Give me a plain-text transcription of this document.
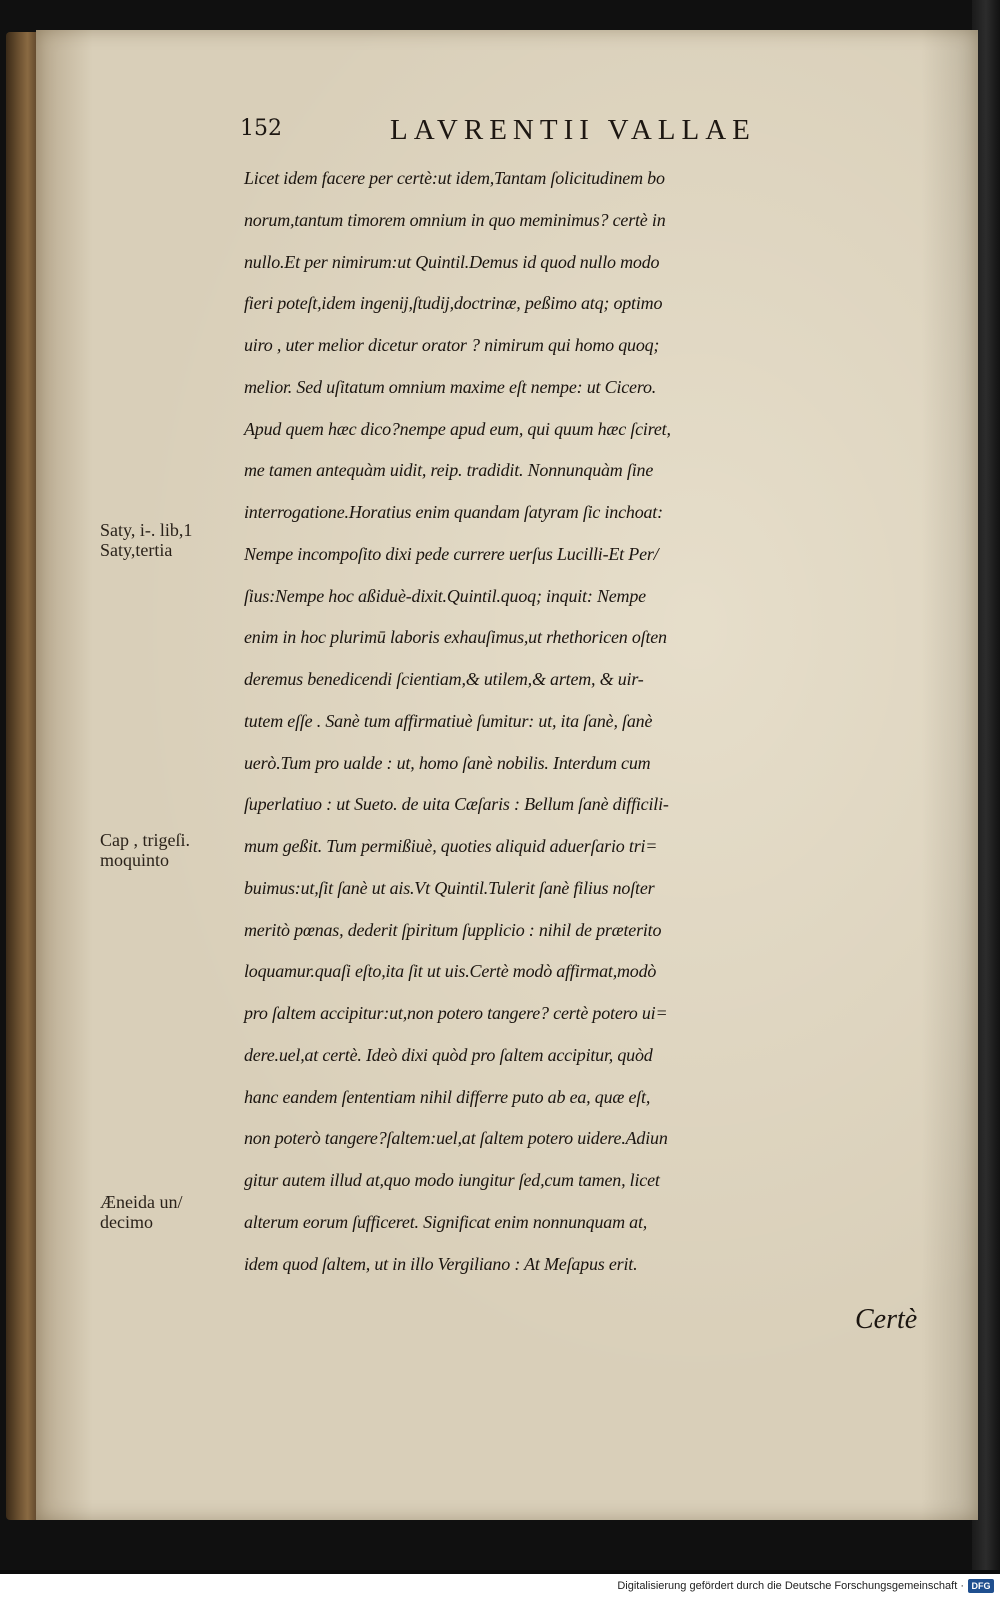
152	LAVRENTII VALLAE
Licet idem facere per certè:ut idem,Tantam ſolicitudinem bo
norum,tantum timorem omnium in quo meminimus? certè in
nullo.Et per nimirum:ut Quintil.Demus id quod nullo modo
fieri poteſt,idem ingenij,ſtudij,doctrinæ, peßimo atq; optimo
uiro , uter melior dicetur orator ? nimirum qui homo quoq;
melior. Sed uſitatum omnium maxime eſt nempe: ut Cicero.
Apud quem hæc dico?nempe apud eum, qui quum hæc ſciret,
me tamen antequàm uidit, reip. tradidit. Nonnunquàm ſine
interrogatione.Horatius enim quandam ſatyram ſic inchoat:
Nempe incompoſito dixi pede currere uerſus Lucilli-Et Per/
ſius:Nempe hoc aßiduè-dixit.Quintil.quoq; inquit: Nempe
enim in hoc plurimū laboris exhauſimus,ut rhethoricen oſten
deremus benedicendi ſcientiam,& utilem,& artem, & uir-
tutem eſſe . Sanè tum affirmatiuè ſumitur: ut, ita ſanè, ſanè
uerò.Tum pro ualde : ut, homo ſanè nobilis. Interdum cum
ſuperlatiuo : ut Sueto. de uita Cæſaris : Bellum ſanè difficili-
mum geßit. Tum permißiuè, quoties aliquid aduerſario tri=
buimus:ut,ſit ſanè ut ais.Vt Quintil.Tulerit ſanè filius noſter
meritò pœnas, dederit ſpiritum ſupplicio : nihil de præterito
loquamur.quaſi eſto,ita ſit ut uis.Certè modò affirmat,modò
pro ſaltem accipitur:ut,non potero tangere? certè potero ui=
dere.uel,at certè. Ideò dixi quòd pro ſaltem accipitur, quòd
hanc eandem ſententiam nihil differre puto ab ea, quæ eſt,
non poterò tangere?ſaltem:uel,at ſaltem potero uidere.Adiun
gitur autem illud at,quo modo iungitur ſed,cum tamen, licet
alterum eorum ſufficeret. Significat enim nonnunquam at,
idem quod ſaltem, ut in illo Vergiliano : At Meſapus erit.
Certè
Saty, i-. lib,1
Saty,tertia
Cap , trigeſi.
moquinto
Æneida un/
decimo
Digitalisierung gefördert durch die Deutsche Forschungsgemeinschaft · DFG
